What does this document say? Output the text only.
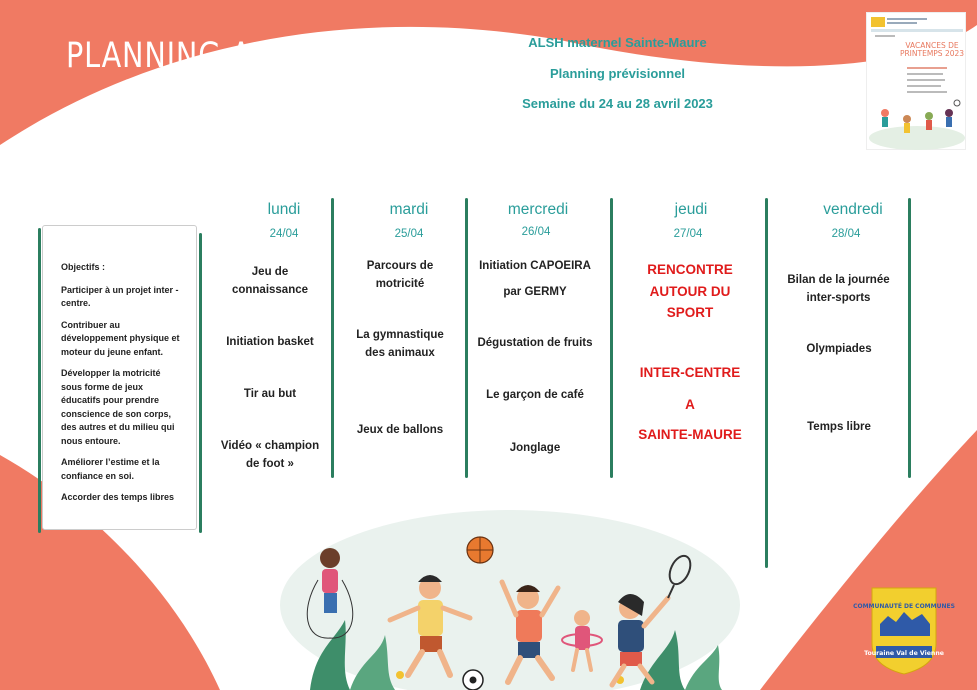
PLANNING ACTIVITES	ALSH maternel Sainte-Maure
Planning prévisionnel
Semaine du 24 au 28 avril 2023
VACANCES DE PRINTEMPS 2023

Objectifs :

Participer à un projet inter - centre.

Contribuer au développement physique et moteur du jeune enfant.

Développer la motricité sous forme de jeux éducatifs pour prendre conscience de son corps, des autres et du milieu qui nous entoure.

Améliorer l’estime et la confiance en soi.

Accorder des temps libres

lundi
24/04
mardi
25/04
mercredi
26/04
jeudi
27/04
vendredi
28/04
Jeu de connaissance
Initiation basket
Tir au but
Vidéo « champion de foot »
Parcours de motricité
La gymnastique des animaux
Jeux de ballons
Initiation CAPOEIRA
par GERMY
Dégustation de fruits
Le garçon de café
Jonglage
RENCONTRE AUTOUR DU SPORT
INTER-CENTRE
A
SAINTE-MAURE
Bilan de la journée inter-sports
Olympiades
Temps libre
COMMUNAUTÉ DE COMMUNES
Touraine Val de Vienne
